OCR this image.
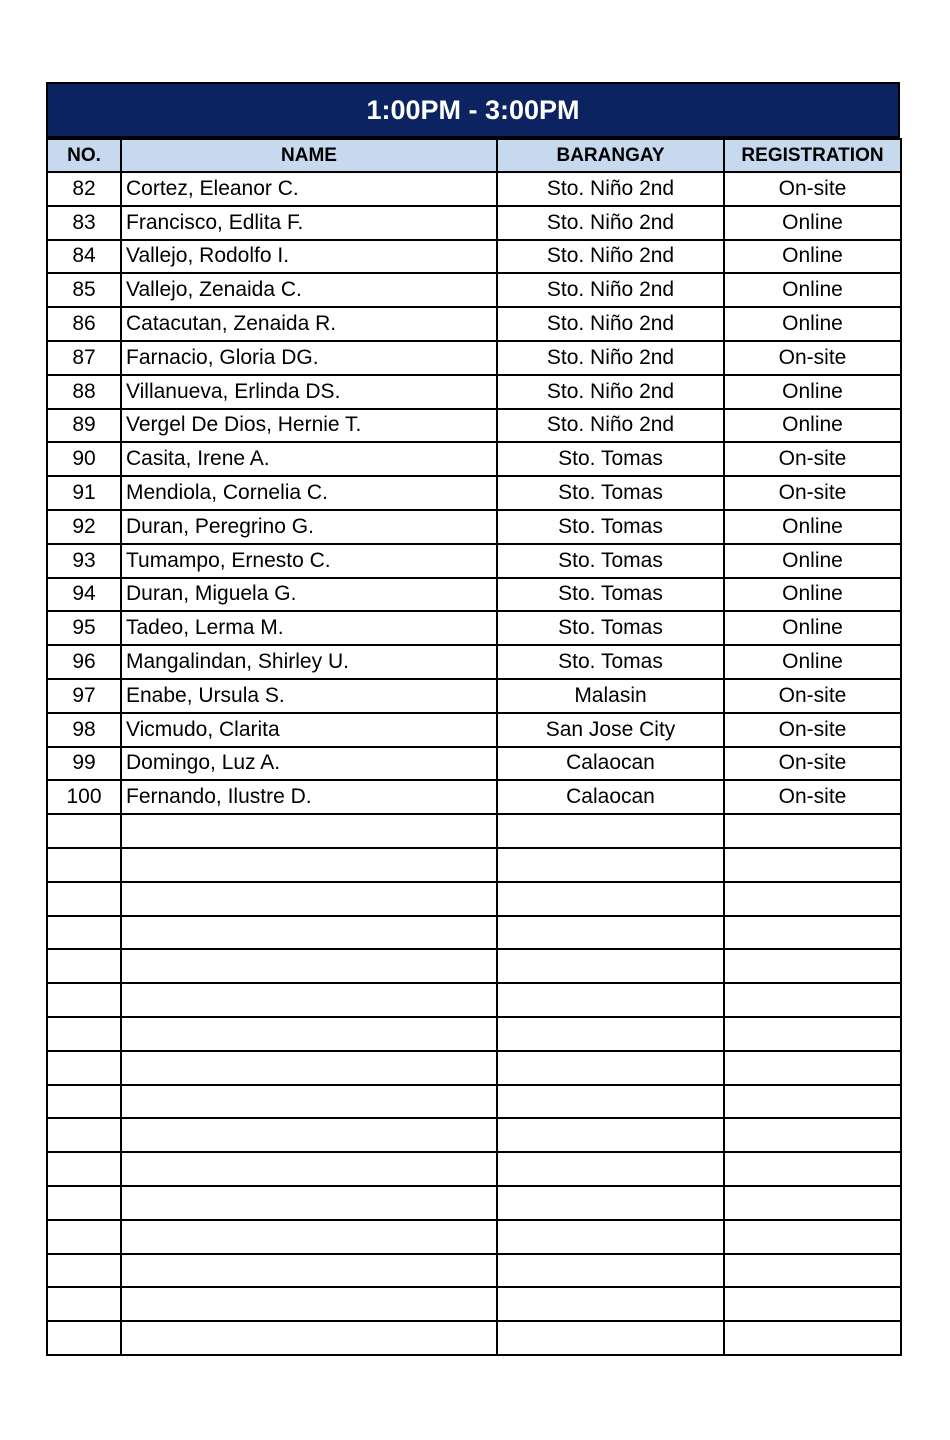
1:00PM - 3:00PM
NO.	NAME	BARANGAY	REGISTRATION
82	Cortez, Eleanor C.	Sto. Niño 2nd	On-site
83	Francisco, Edlita F.	Sto. Niño 2nd	Online
84	Vallejo, Rodolfo I.	Sto. Niño 2nd	Online
85	Vallejo, Zenaida C.	Sto. Niño 2nd	Online
86	Catacutan, Zenaida R.	Sto. Niño 2nd	Online
87	Farnacio, Gloria DG.	Sto. Niño 2nd	On-site
88	Villanueva, Erlinda DS.	Sto. Niño 2nd	Online
89	Vergel De Dios, Hernie T.	Sto. Niño 2nd	Online
90	Casita, Irene A.	Sto. Tomas	On-site
91	Mendiola, Cornelia C.	Sto. Tomas	On-site
92	Duran, Peregrino G.	Sto. Tomas	Online
93	Tumampo, Ernesto C.	Sto. Tomas	Online
94	Duran, Miguela G.	Sto. Tomas	Online
95	Tadeo, Lerma M.	Sto. Tomas	Online
96	Mangalindan, Shirley U.	Sto. Tomas	Online
97	Enabe, Ursula S.	Malasin	On-site
98	Vicmudo, Clarita	San Jose City	On-site
99	Domingo, Luz A.	Calaocan	On-site
100	Fernando, Ilustre D.	Calaocan	On-site
